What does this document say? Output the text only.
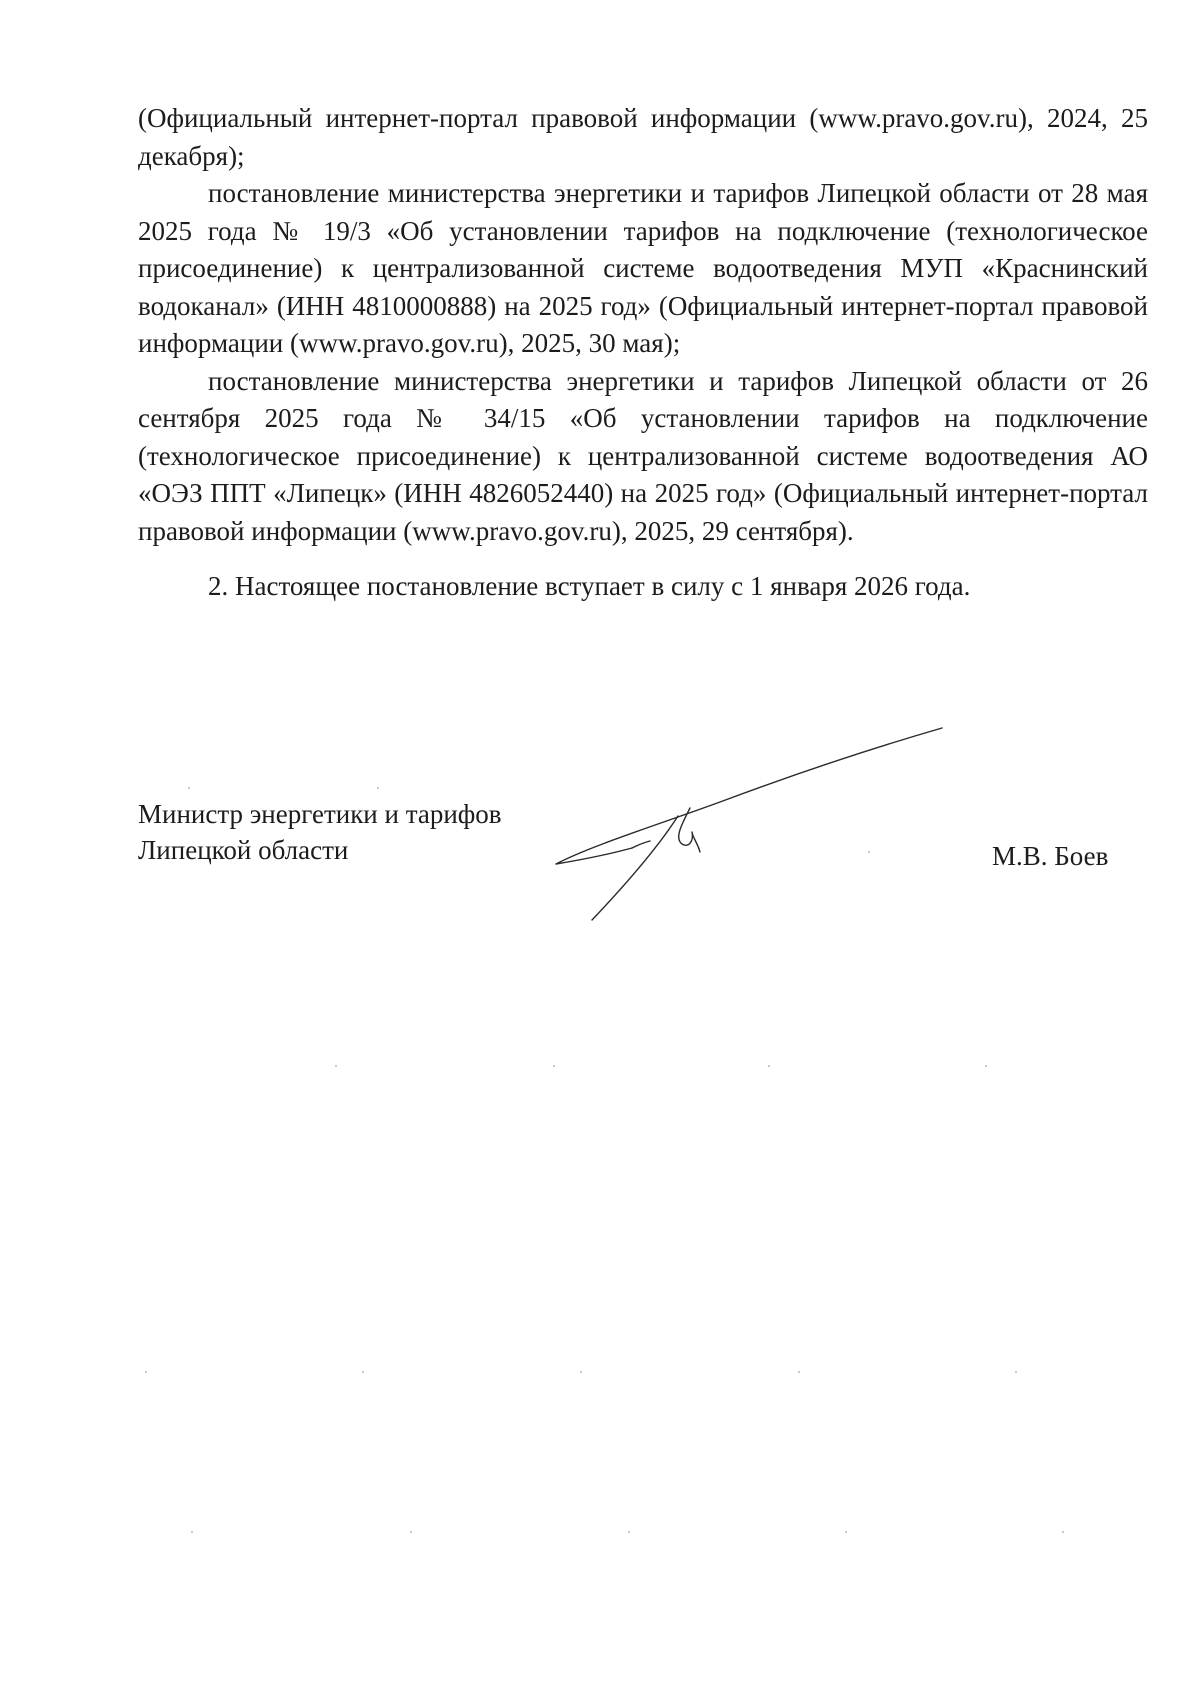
(Официальный интернет-портал правовой информации (www.pravo.gov.ru), 2024, 25 декабря);

постановление министерства энергетики и тарифов Липецкой области от 28 мая 2025 года № 19/3 «Об установлении тарифов на подключение (технологическое присоединение) к централизованной системе водоотведения МУП «Краснинский водоканал» (ИНН 4810000888) на 2025 год» (Официальный интернет-портал правовой информации (www.pravo.gov.ru), 2025, 30 мая);

постановление министерства энергетики и тарифов Липецкой области от 26 сентября 2025 года № 34/15 «Об установлении тарифов на подключение (технологическое присоединение) к централизованной системе водоотведения АО «ОЭЗ ППТ «Липецк» (ИНН 4826052440) на 2025 год» (Официальный интернет-портал правовой информации (www.pravo.gov.ru), 2025, 29 сентября).

2. Настоящее постановление вступает в силу с 1 января 2026 года.

Министр энергетики и тарифов
Липецкой области	М.В. Боев
